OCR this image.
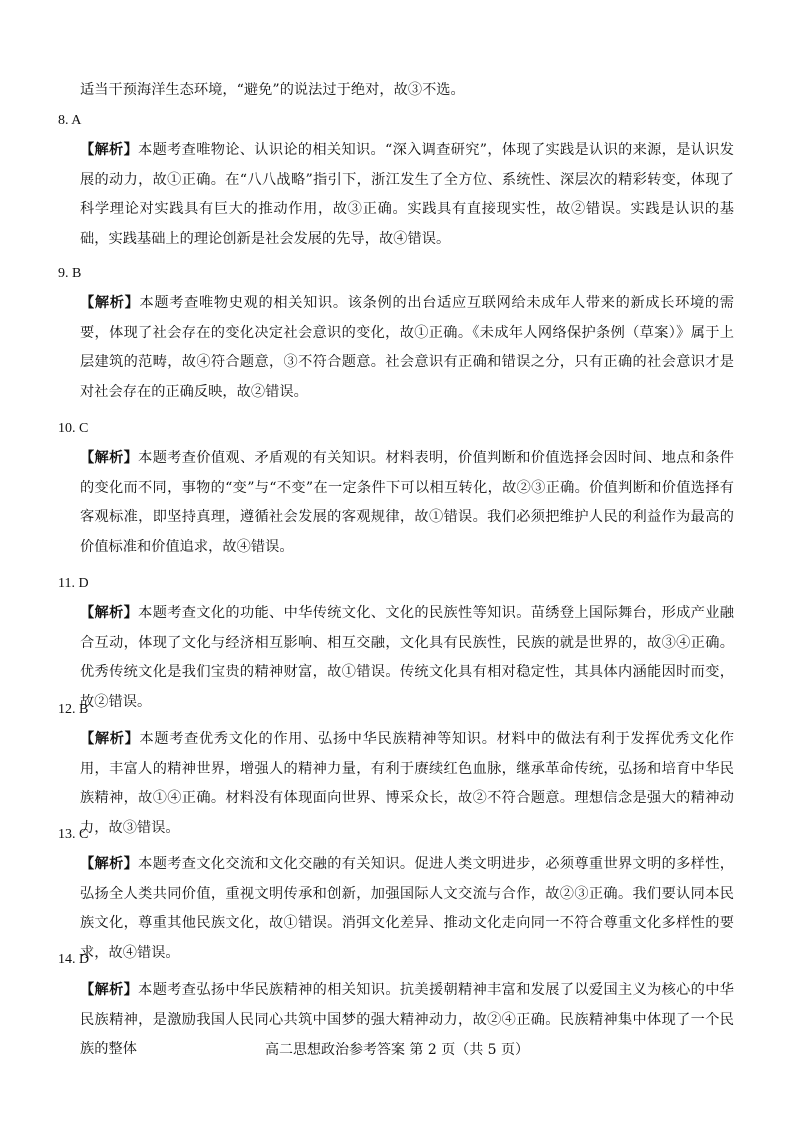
适当干预海洋生态环境，“避免”的说法过于绝对，故③不选。

8. A

【解析】本题考查唯物论、认识论的相关知识。“深入调查研究”，体现了实践是认识的来源，是认识发展的动力，故①正确。在“八八战略”指引下，浙江发生了全方位、系统性、深层次的精彩转变，体现了科学理论对实践具有巨大的推动作用，故③正确。实践具有直接现实性，故②错误。实践是认识的基础，实践基础上的理论创新是社会发展的先导，故④错误。

9. B

【解析】本题考查唯物史观的相关知识。该条例的出台适应互联网给未成年人带来的新成长环境的需要，体现了社会存在的变化决定社会意识的变化，故①正确。《未成年人网络保护条例（草案）》属于上层建筑的范畴，故④符合题意，③不符合题意。社会意识有正确和错误之分，只有正确的社会意识才是对社会存在的正确反映，故②错误。

10. C

【解析】本题考查价值观、矛盾观的有关知识。材料表明，价值判断和价值选择会因时间、地点和条件的变化而不同，事物的“变”与“不变”在一定条件下可以相互转化，故②③正确。价值判断和价值选择有客观标准，即坚持真理，遵循社会发展的客观规律，故①错误。我们必须把维护人民的利益作为最高的价值标准和价值追求，故④错误。

11. D

【解析】本题考查文化的功能、中华传统文化、文化的民族性等知识。苗绣登上国际舞台，形成产业融合互动，体现了文化与经济相互影响、相互交融，文化具有民族性，民族的就是世界的，故③④正确。优秀传统文化是我们宝贵的精神财富，故①错误。传统文化具有相对稳定性，其具体内涵能因时而变，故②错误。

12. B

【解析】本题考查优秀文化的作用、弘扬中华民族精神等知识。材料中的做法有利于发挥优秀文化作用，丰富人的精神世界，增强人的精神力量，有利于赓续红色血脉，继承革命传统，弘扬和培育中华民族精神，故①④正确。材料没有体现面向世界、博采众长，故②不符合题意。理想信念是强大的精神动力，故③错误。

13. C

【解析】本题考查文化交流和文化交融的有关知识。促进人类文明进步，必须尊重世界文明的多样性，弘扬全人类共同价值，重视文明传承和创新，加强国际人文交流与合作，故②③正确。我们要认同本民族文化，尊重其他民族文化，故①错误。消弭文化差异、推动文化走向同一不符合尊重文化多样性的要求，故④错误。

14. D

【解析】本题考查弘扬中华民族精神的相关知识。抗美援朝精神丰富和发展了以爱国主义为核心的中华民族精神，是激励我国人民同心共筑中国梦的强大精神动力，故②④正确。民族精神集中体现了一个民族的整体	高二思想政治参考答案 第 2 页（共 5 页）
